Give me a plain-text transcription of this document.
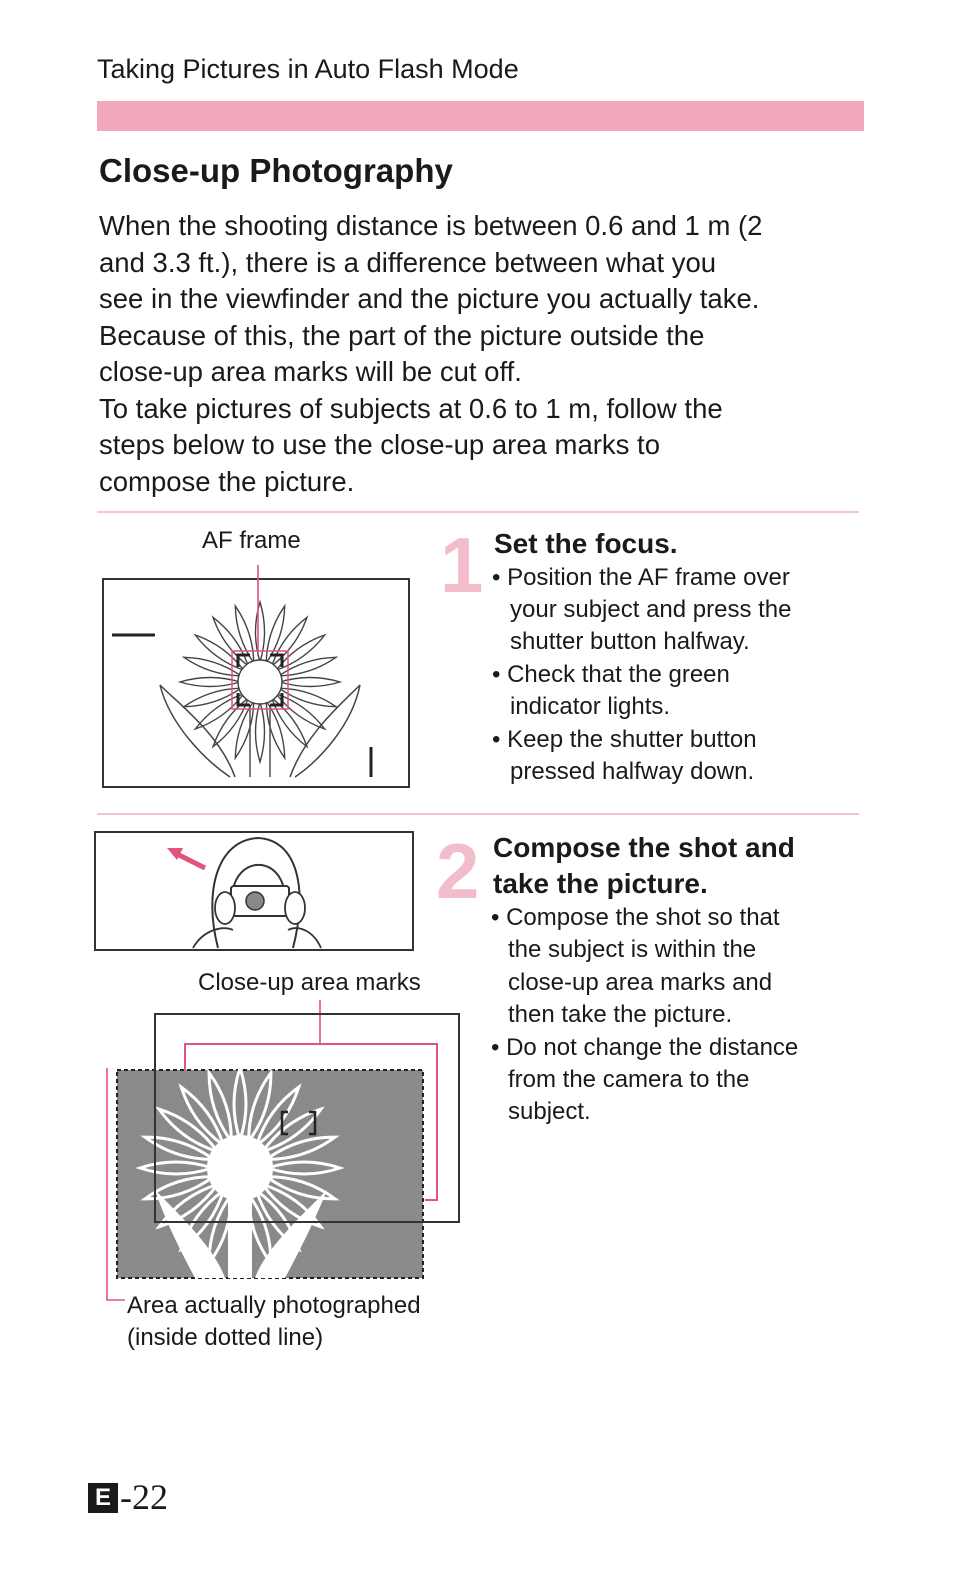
Taking Pictures in Auto Flash Mode
Close-up Photography
When the shooting distance is between 0.6 and 1 m (2
and 3.3 ft.), there is a difference between what you
see in the viewfinder and the picture you actually take.
Because of this, the part of the picture outside the
close-up area marks will be cut off.
To take pictures of subjects at 0.6 to 1 m, follow the
steps below to use the close-up area marks to
compose the picture.
AF frame 1 Set the focus.
• Position the AF frame over
your subject and press the
shutter button halfway.
• Check that the green
indicator lights.
• Keep the shutter button
pressed halfway down.
Close-up area marks
Area actually photographed
(inside dotted line)
2 Compose the shot and
take the picture.
• Compose the shot so that
the subject is within the
close-up area marks and
then take the picture.
• Do not change the distance
from the camera to the
subject.
E -22
